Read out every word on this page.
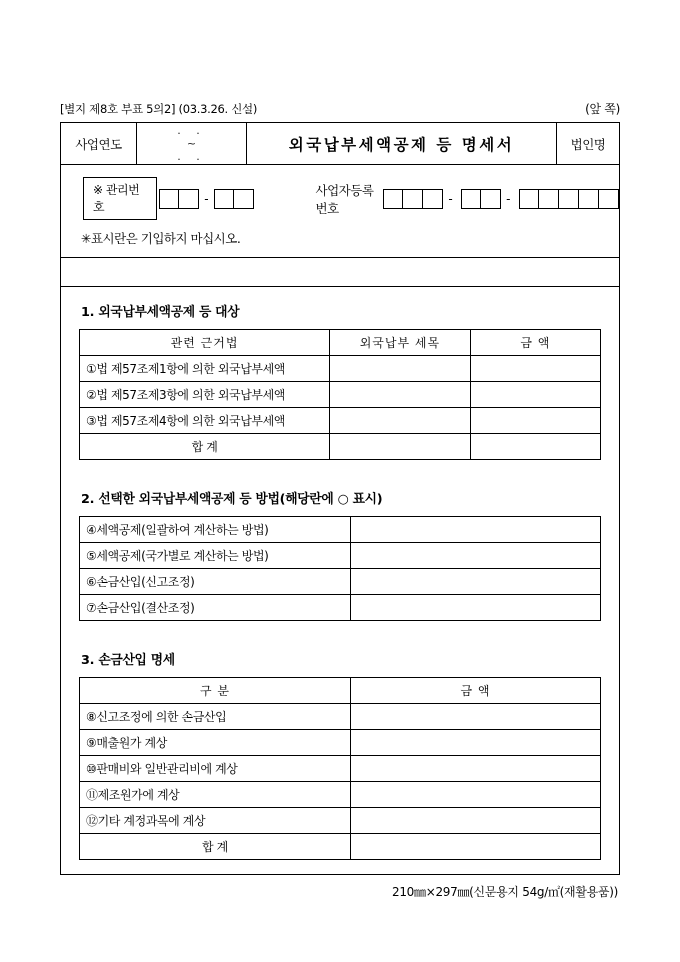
[별지 제8호 부표 5의2] (03.3.26. 신설)	(앞 쪽)
사업연도
. .
~
. .
외국납부세액공제 등 명세서	법인명
※ 관리번호
-
사업자등록번호
-	-
✳표시란은 기입하지 마십시오.
1. 외국납부세액공제 등 대상
관련 근거법	외국납부 세목	금 액
①법 제57조제1항에 의한 외국납부세액		
②법 제57조제3항에 의한 외국납부세액		
③법 제57조제4항에 의한 외국납부세액		
합 계		
2. 선택한 외국납부세액공제 등 방법(해당란에 ○ 표시)
④세액공제(일괄하여 계산하는 방법)	
⑤세액공제(국가별로 계산하는 방법)	
⑥손금산입(신고조정)	
⑦손금산입(결산조정)	
3. 손금산입 명세
구 분	금 액
⑧신고조정에 의한 손금산입	
⑨매출원가 계상	
⑩판매비와 일반관리비에 계상	
⑪제조원가에 계상	
⑫기타 계정과목에 계상	
합 계	
210㎜×297㎜(신문용지 54g/㎡(재활용품))
